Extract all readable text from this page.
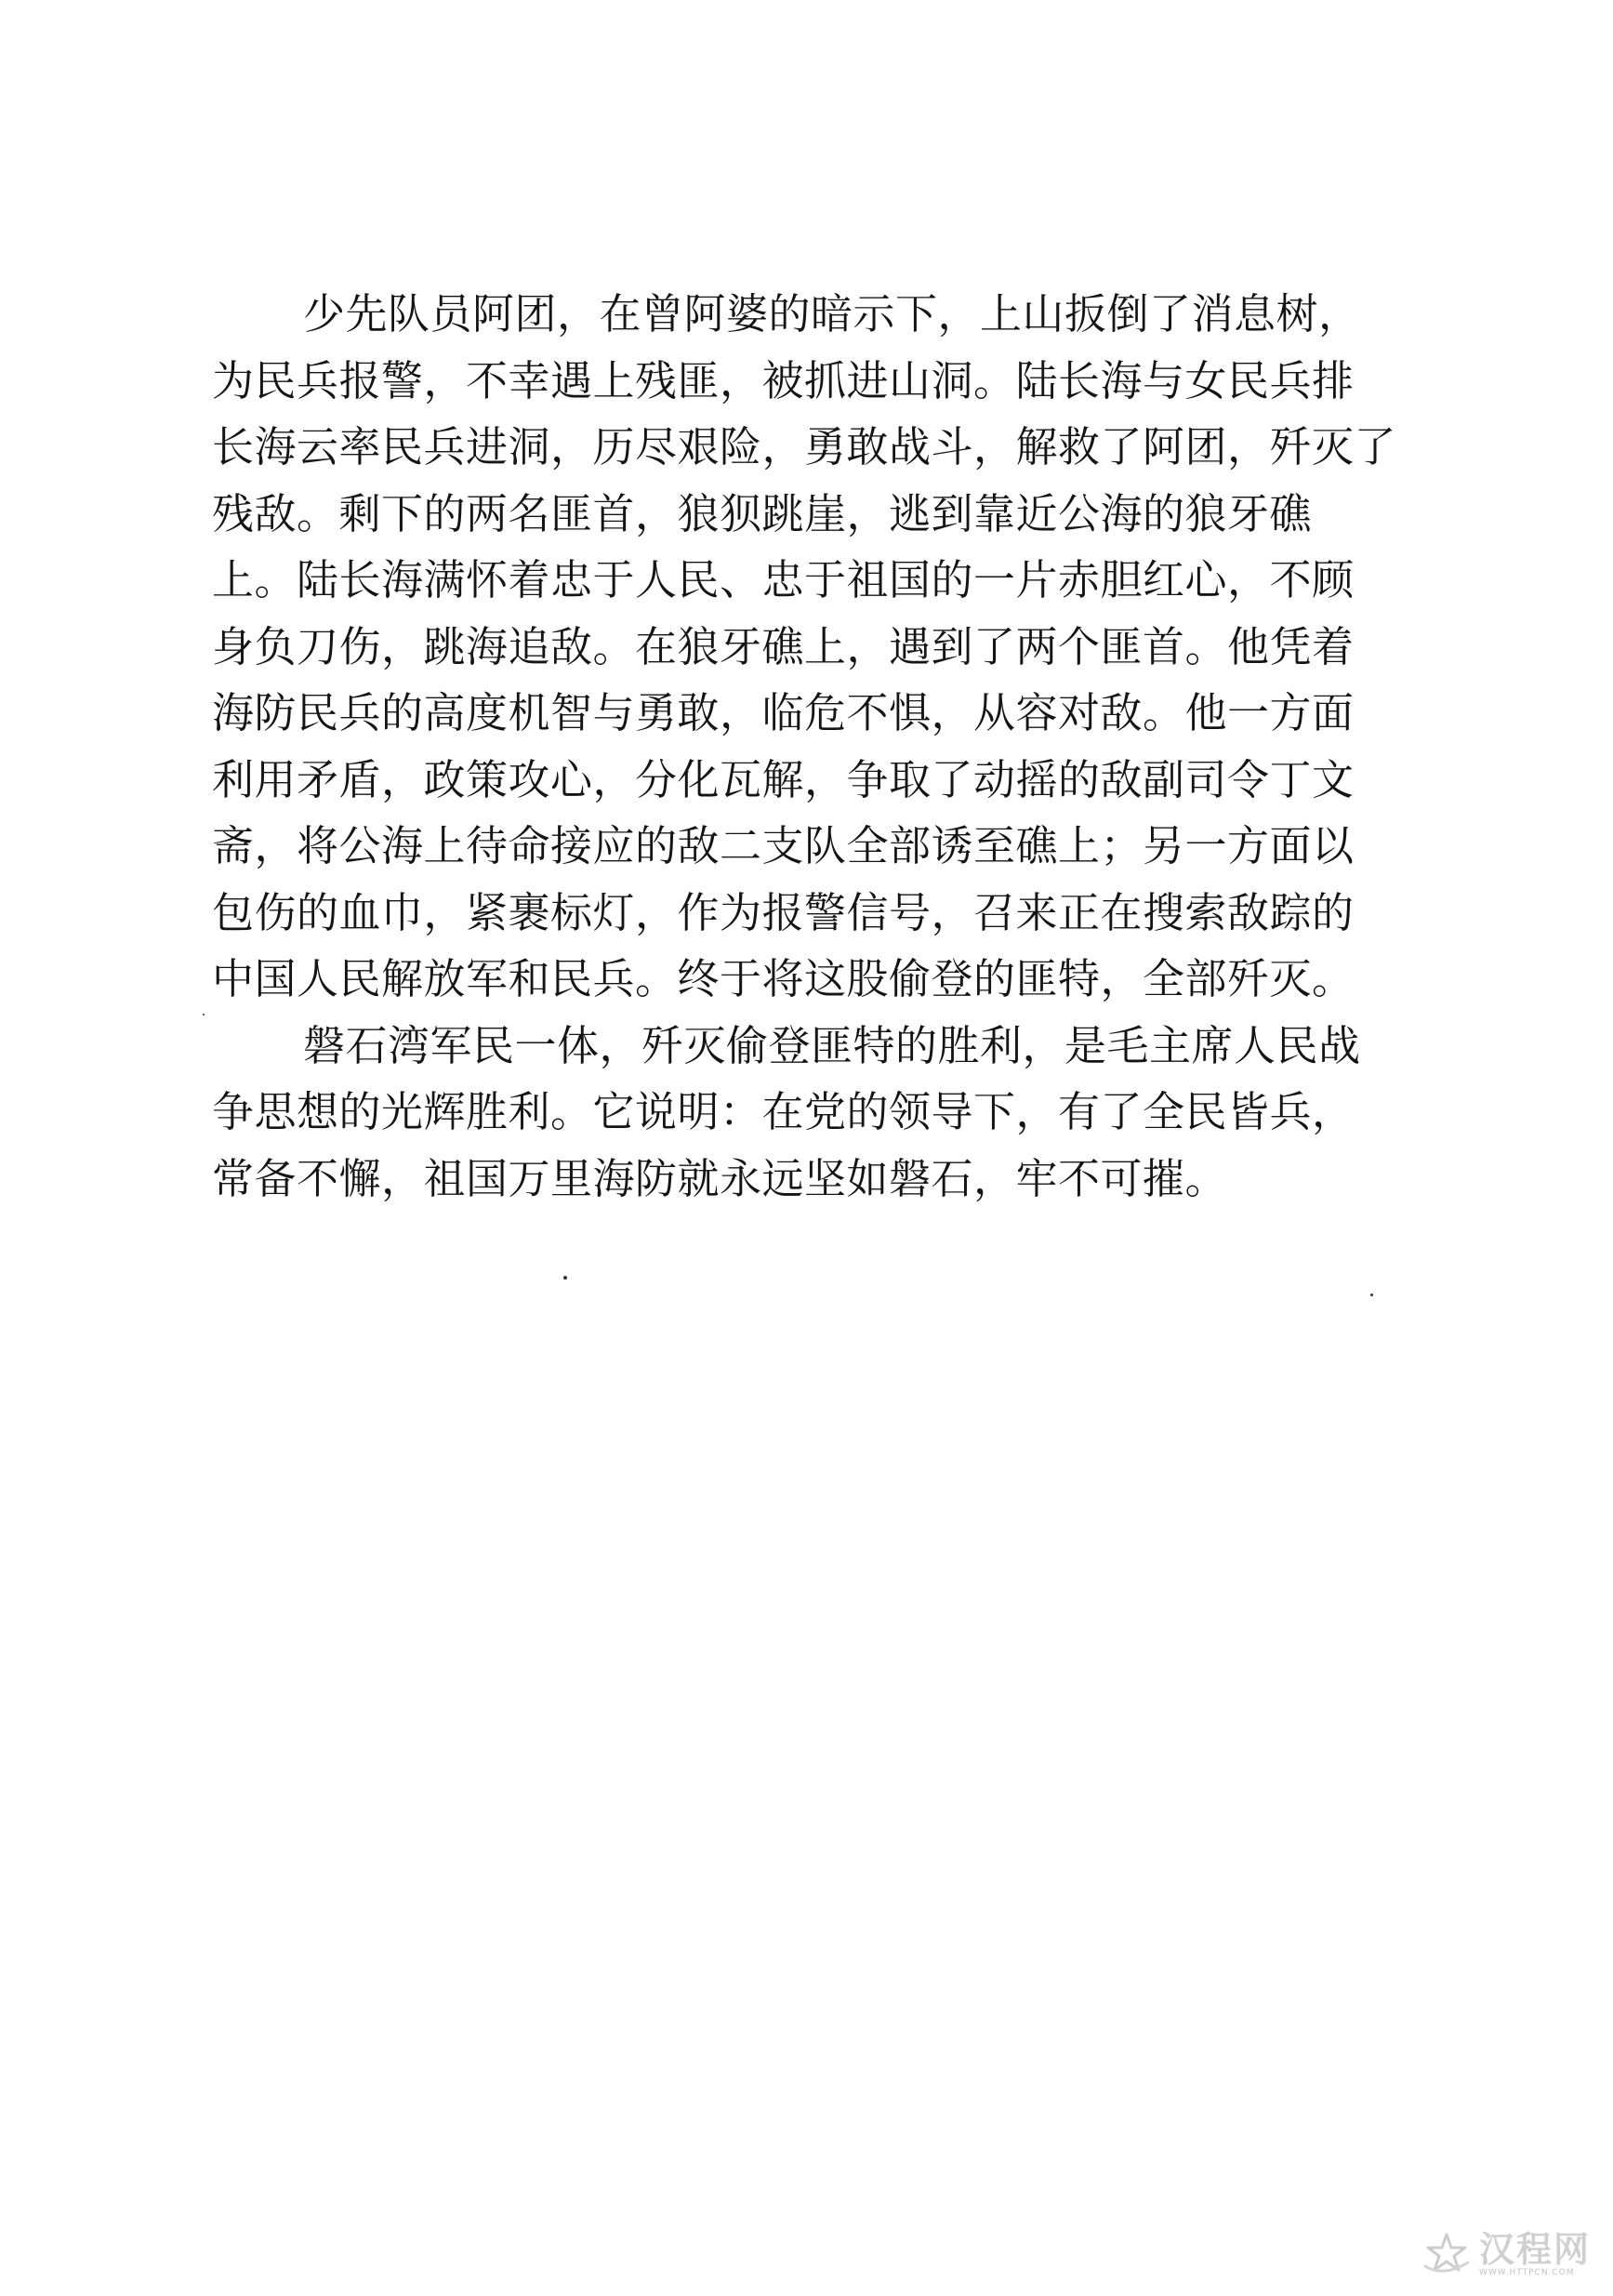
少先队员阿团，在曾阿婆的暗示下，上山扳倒了消息树，
为民兵报警，不幸遇上残匪，被抓进山洞。陆长海与女民兵排
长海云率民兵进洞，历尽艰险，勇敢战斗，解救了阿团，歼灭了
残敌。剩下的两名匪首，狼狈跳崖，逃到靠近公海的狼牙礁
上。陆长海满怀着忠于人民、忠于祖国的一片赤胆红心，不顾
身负刀伤，跳海追敌。在狼牙礁上，遇到了两个匪首。他凭着
海防民兵的高度机智与勇敢，临危不惧，从容对敌。他一方面
利用矛盾，政策攻心，分化瓦解，争取了动摇的敌副司令丁文
斋，将公海上待命接应的敌二支队全部诱至礁上；另一方面以
包伤的血巾，紧裹标灯，作为报警信号，召来正在搜索敌踪的
中国人民解放军和民兵。终于将这股偷登的匪特，全部歼灭。
磐石湾军民一体，歼灭偷登匪特的胜利，是毛主席人民战
争思想的光辉胜利。它说明：在党的领导下，有了全民皆兵，
常备不懈，祖国万里海防就永远坚如磐石，牢不可摧。
汉程网
WWW.HTTPCN.COM
